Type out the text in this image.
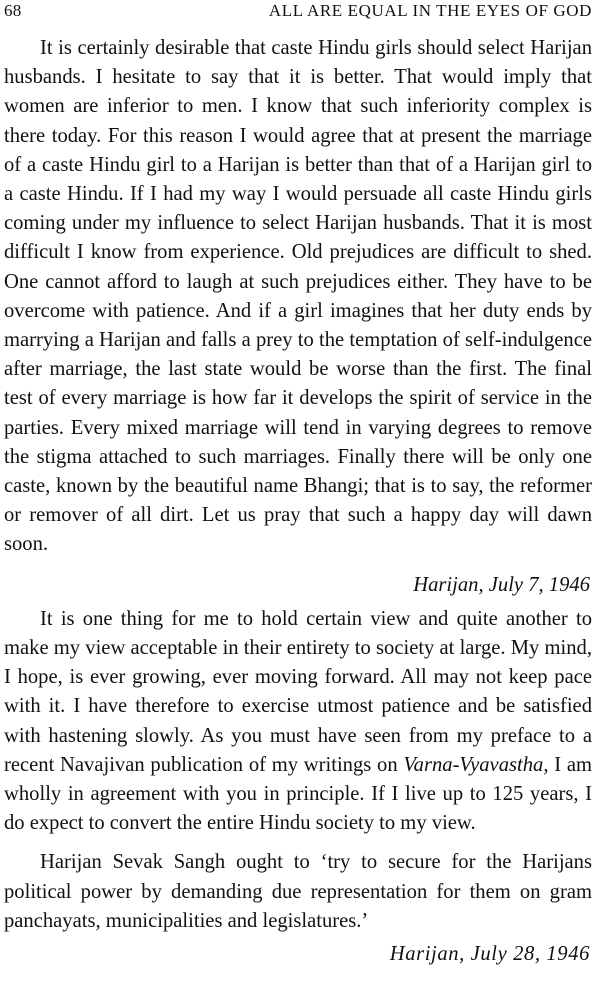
68	ALL ARE EQUAL IN THE EYES OF GOD

It is certainly desirable that caste Hindu girls should select Harijan husbands. I hesitate to say that it is better. That would imply that women are inferior to men. I know that such inferiority complex is there today. For this reason I would agree that at present the marriage of a caste Hindu girl to a Harijan is better than that of a Harijan girl to a caste Hindu. If I had my way I would persuade all caste Hindu girls coming under my influence to select Harijan husbands. That it is most difficult I know from experience. Old prejudices are difficult to shed. One cannot afford to laugh at such prejudices either. They have to be overcome with patience. And if a girl imagines that her duty ends by marrying a Harijan and falls a prey to the temptation of self-indulgence after marriage, the last state would be worse than the first. The final test of every marriage is how far it develops the spirit of service in the parties. Every mixed marriage will tend in varying degrees to remove the stigma attached to such marriages. Finally there will be only one caste, known by the beautiful name Bhangi; that is to say, the reformer or remover of all dirt. Let us pray that such a happy day will dawn soon.

Harijan, July 7, 1946

It is one thing for me to hold certain view and quite another to make my view acceptable in their entirety to society at large. My mind, I hope, is ever growing, ever moving forward. All may not keep pace with it. I have therefore to exercise utmost patience and be satisfied with hastening slowly. As you must have seen from my preface to a recent Navajivan publication of my writings on Varna-Vyavastha, I am wholly in agreement with you in principle. If I live up to 125 years, I do expect to convert the entire Hindu society to my view.

Harijan Sevak Sangh ought to ‘try to secure for the Harijans political power by demanding due representation for them on gram panchayats, municipalities and legislatures.’

Harijan, July 28, 1946
